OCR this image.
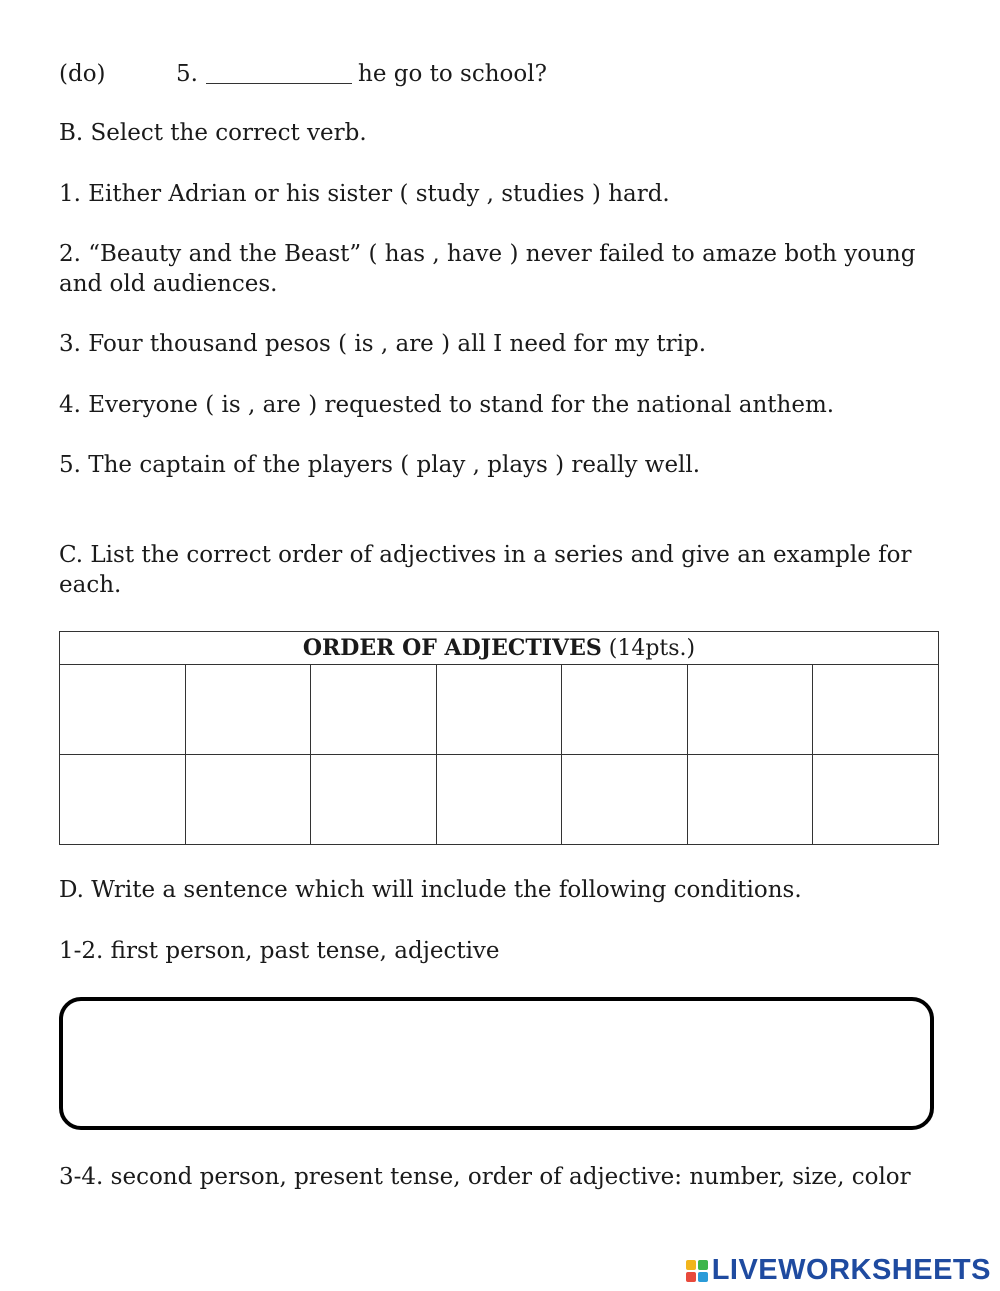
(do)	5.	he go to school?
B. Select the correct verb.
1. Either Adrian or his sister ( study , studies ) hard.
2. “Beauty and the Beast” ( has , have ) never failed to amaze both young and old audiences.
3. Four thousand pesos ( is , are ) all I need for my trip.
4. Everyone ( is , are ) requested to stand for the national anthem.
5. The captain of the players ( play , plays ) really well.
C. List the correct order of adjectives in a series and give an example for each.
ORDER OF ADJECTIVES (14pts.)						

D. Write a sentence which will include the following conditions.
1-2. first person, past tense, adjective
3-4. second person, present tense, order of adjective: number, size, color
LIVEWORKSHEETS
